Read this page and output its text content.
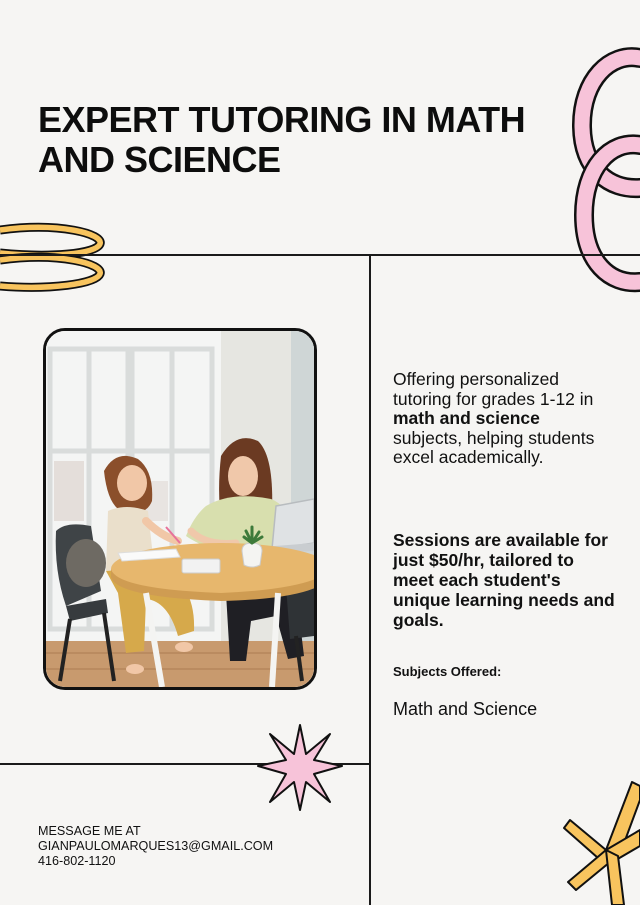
EXPERT TUTORING IN MATH AND SCIENCE
Offering personalized tutoring for grades 1-12 in math and science subjects, helping students excel academically.
Sessions are available for just $50/hr, tailored to meet each student's unique learning needs and goals.
Subjects Offered:
Math and Science
MESSAGE ME AT GIANPAULOMARQUES13@GMAIL.COM
416-802-1120
